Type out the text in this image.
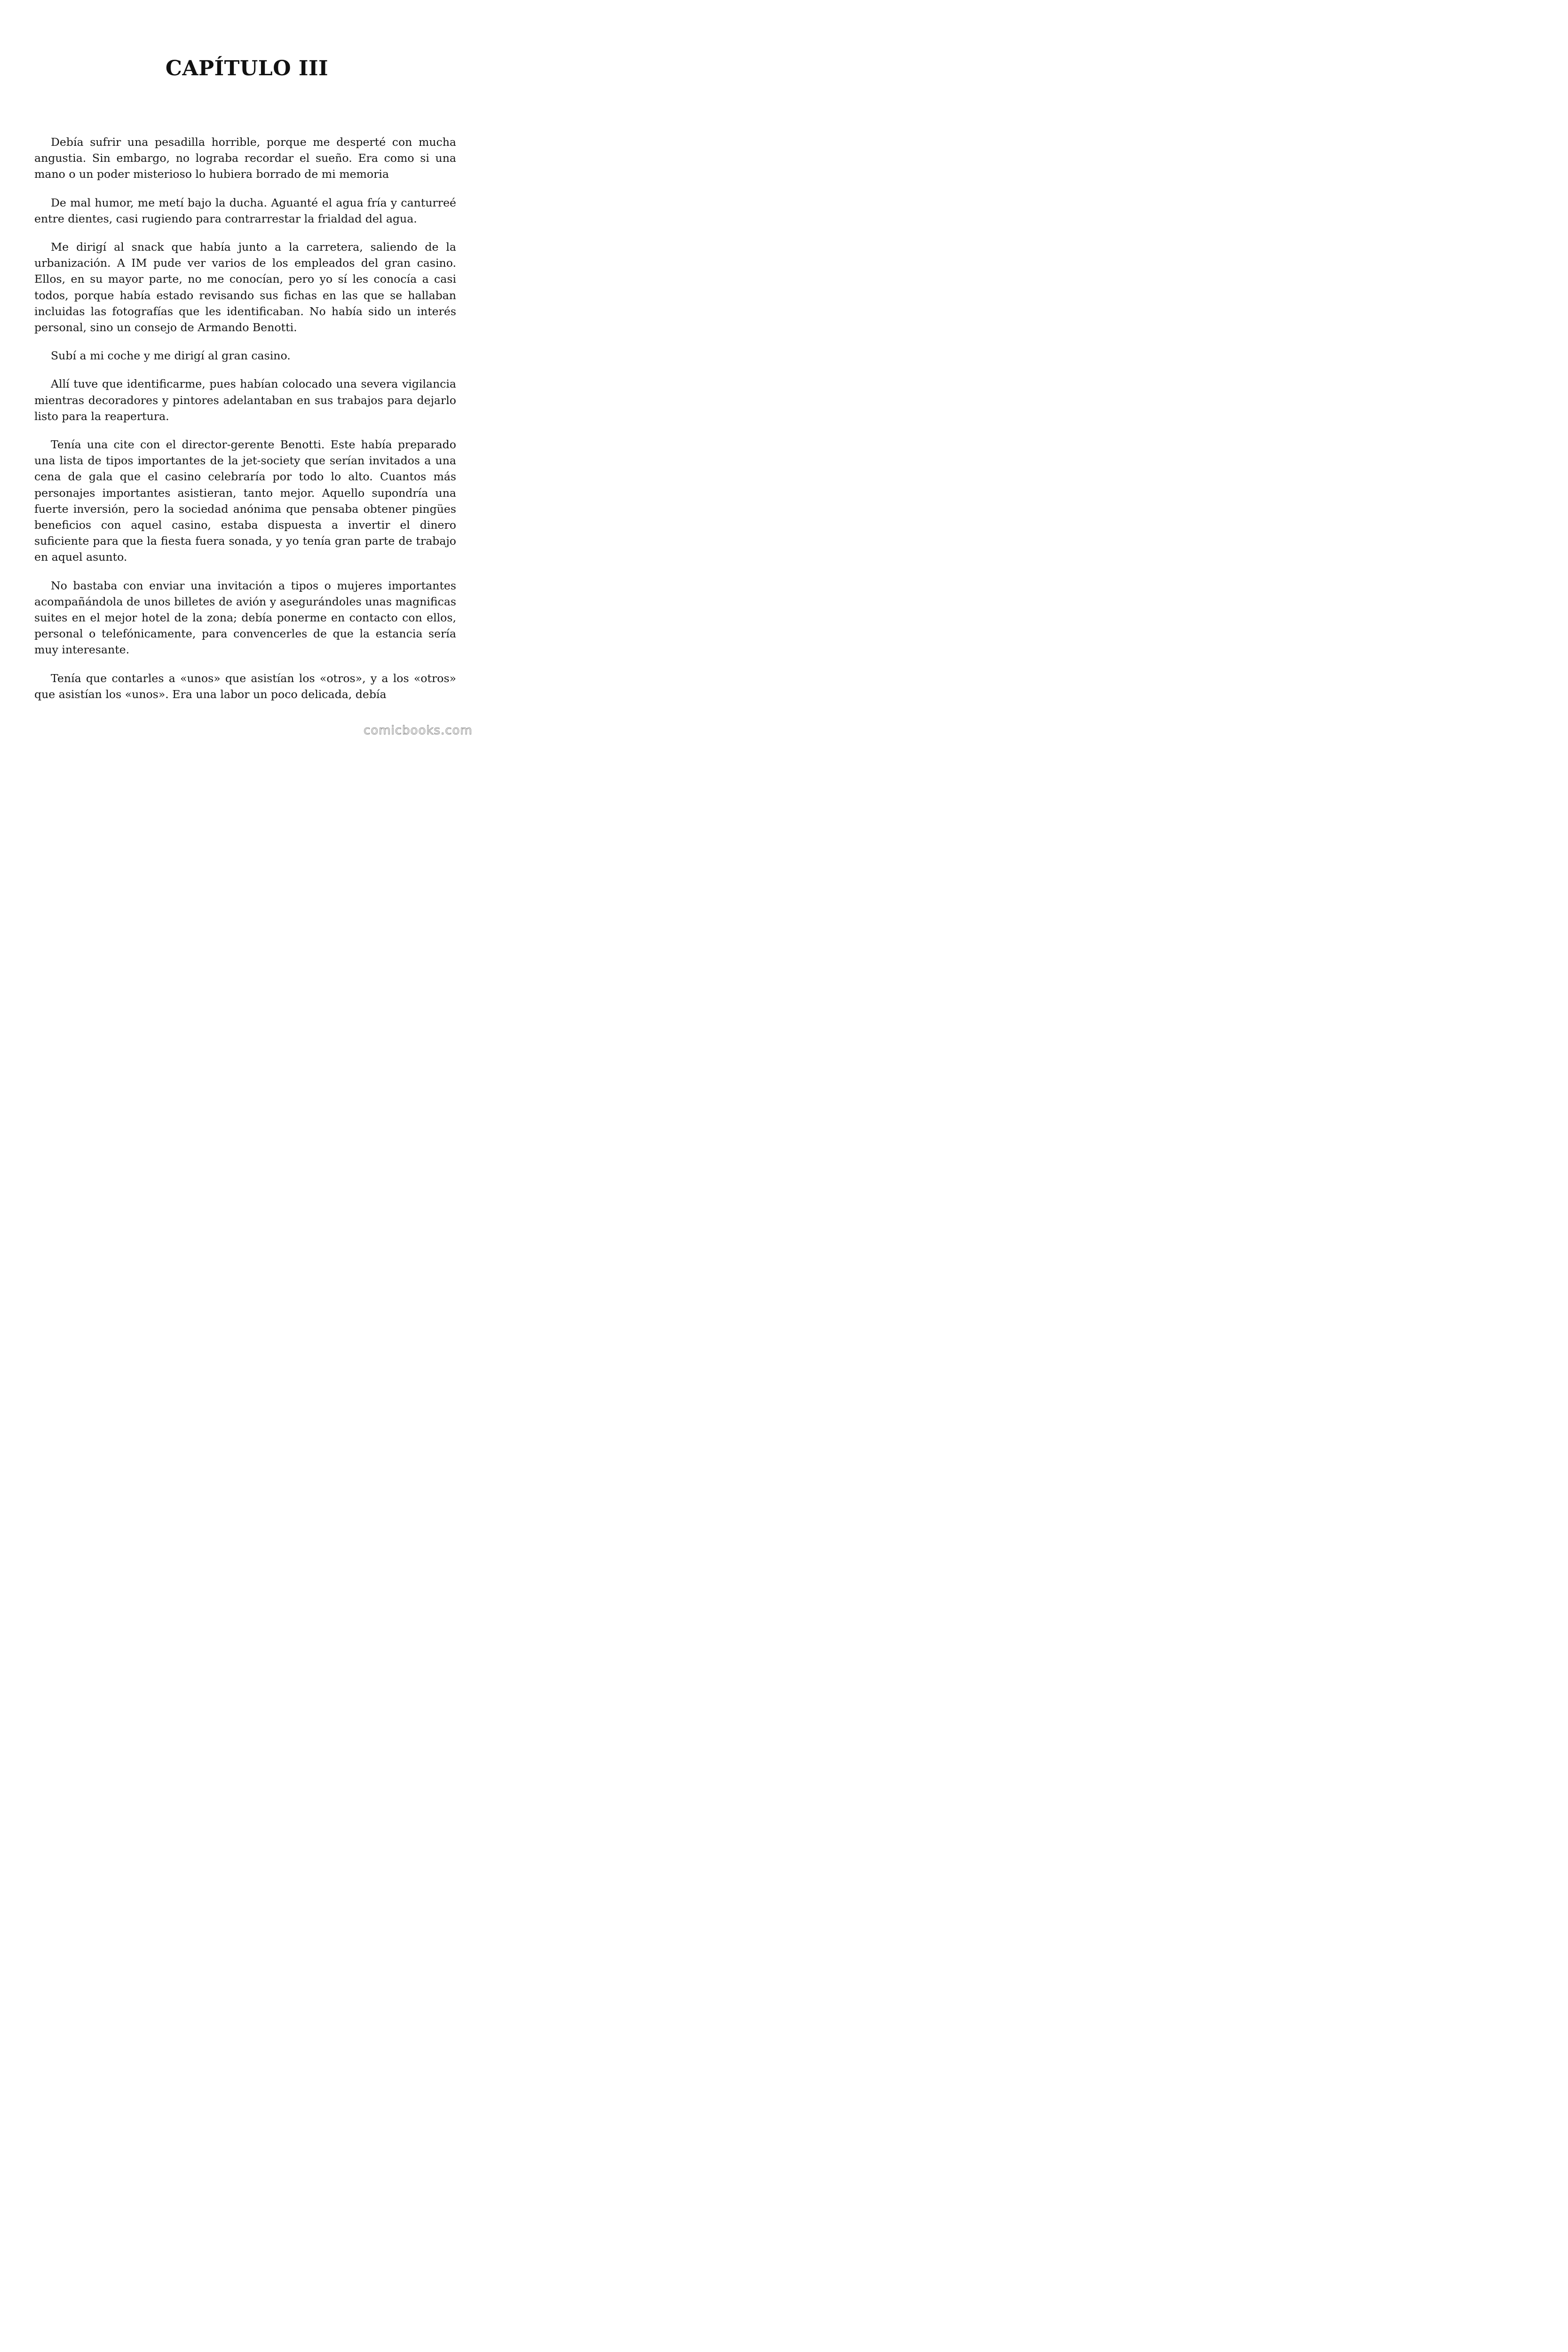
CAPÍTULO III

Debía sufrir una pesadilla horrible, porque me desperté con mucha angustia. Sin embargo, no lograba recordar el sueño. Era como si una mano o un poder misterioso lo hubiera borrado de mi memoria

De mal humor, me metí bajo la ducha. Aguanté el agua fría y canturreé entre dientes, casi rugiendo para contrarrestar la frialdad del agua.

Me dirigí al snack que había junto a la carretera, saliendo de la urbanización. A IM pude ver varios de los empleados del gran casino. Ellos, en su mayor parte, no me conocían, pero yo sí les conocía a casi todos, porque había estado revisando sus fichas en las que se hallaban incluidas las fotografías que les identificaban. No había sido un interés personal, sino un consejo de Armando Benotti.

Subí a mi coche y me dirigí al gran casino.

Allí tuve que identificarme, pues habían colocado una severa vigilancia mientras decoradores y pintores adelantaban en sus trabajos para dejarlo listo para la reapertura.

Tenía una cite con el director-gerente Benotti. Este había preparado una lista de tipos importantes de la jet-society que serían invitados a una cena de gala que el casino celebraría por todo lo alto. Cuantos más personajes importantes asistieran, tanto mejor. Aquello supondría una fuerte inversión, pero la sociedad anónima que pensaba obtener pingües beneficios con aquel casino, estaba dispuesta a invertir el dinero suficiente para que la fiesta fuera sonada, y yo tenía gran parte de trabajo en aquel asunto.

No bastaba con enviar una invitación a tipos o mujeres importantes acompañándola de unos billetes de avión y asegurándoles unas magnificas suites en el mejor hotel de la zona; debía ponerme en contacto con ellos, personal o telefónicamente, para convencerles de que la estancia sería muy interesante.

Tenía que contarles a «unos» que asistían los «otros», y a los «otros» que asistían los «unos». Era una labor un poco delicada, debía

comicbooks.com
